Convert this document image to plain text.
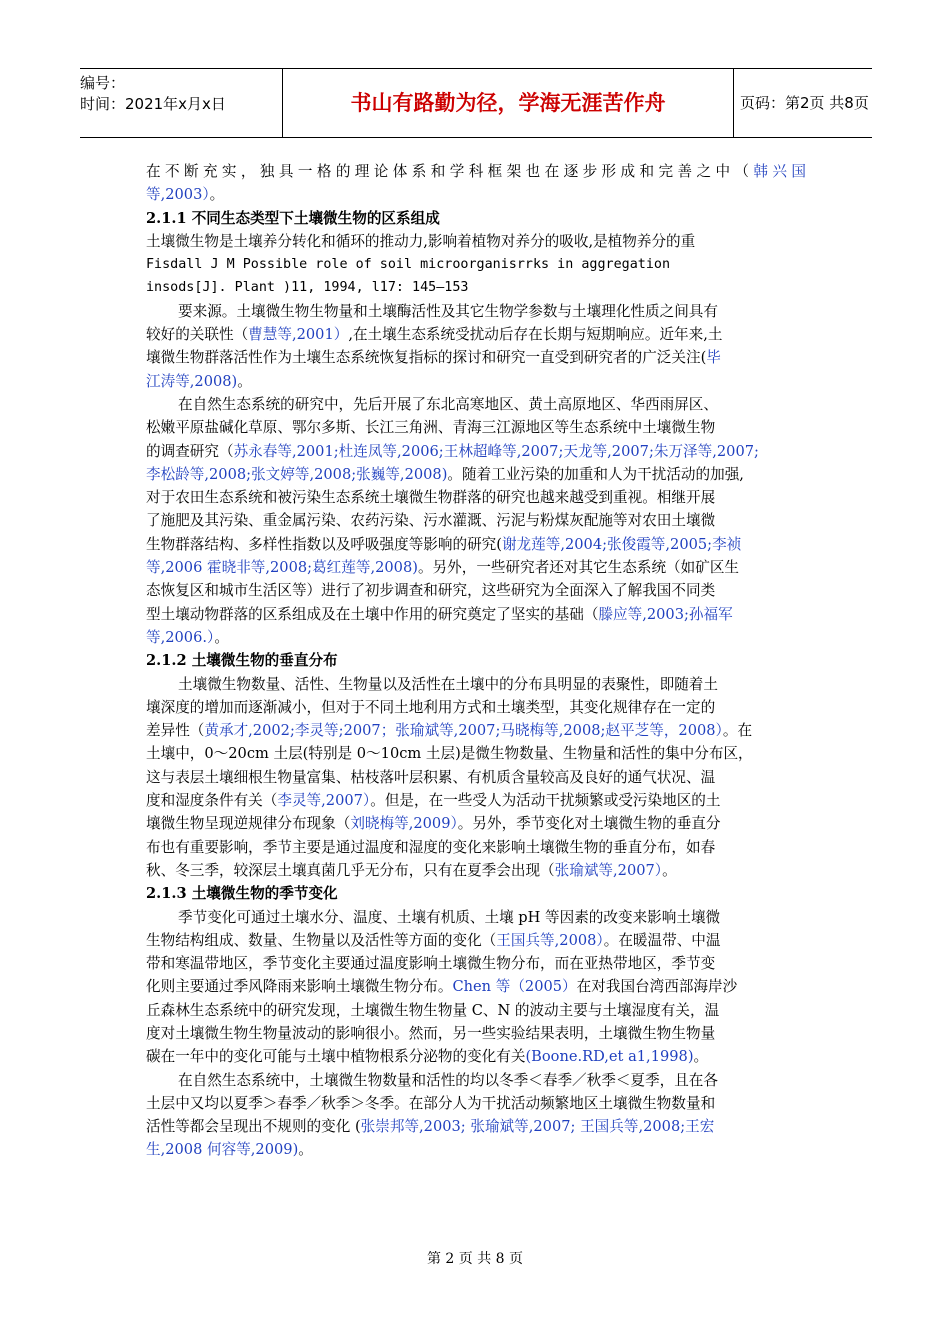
编号：
时间：2021年x月x日	书山有路勤为径，学海无涯苦作舟	页码：第2页 共8页
在不断充实，独具一格的理论体系和学科框架也在逐步形成和完善之中（韩兴国
等,2003）。
2.1.1 不同生态类型下土壤微生物的区系组成
土壤微生物是土壤养分转化和循环的推动力,影响着植物对养分的吸收,是植物养分的重
Fisdall J M Possible role of soil microorganisrrks in aggregation
insods[J]. Plant )11, 1994, l17: 145—153
要来源。土壤微生物生物量和土壤酶活性及其它生物学参数与土壤理化性质之间具有
较好的关联性（曹慧等,2001）,在土壤生态系统受扰动后存在长期与短期响应。近年来,土
壤微生物群落活性作为土壤生态系统恢复指标的探讨和研究一直受到研究者的广泛关注(毕
江涛等,2008)。
在自然生态系统的研究中，先后开展了东北高寒地区、黄土高原地区、华西雨屏区、
松嫩平原盐碱化草原、鄂尔多斯、长江三角洲、青海三江源地区等生态系统中土壤微生物
的调查研究（苏永春等,2001;杜连凤等,2006;王林超峰等,2007;天龙等,2007;朱万泽等,2007;
李松龄等,2008;张文婷等,2008;张巍等,2008)。随着工业污染的加重和人为干扰活动的加强,
对于农田生态系统和被污染生态系统土壤微生物群落的研究也越来越受到重视。相继开展
了施肥及其污染、重金属污染、农药污染、污水灌溉、污泥与粉煤灰配施等对农田土壤微
生物群落结构、多样性指数以及呼吸强度等影响的研究(谢龙莲等,2004;张俊霞等,2005;李祯
等,2006 霍晓非等,2008;葛红莲等,2008)。另外，一些研究者还对其它生态系统（如矿区生
态恢复区和城市生活区等）进行了初步调查和研究，这些研究为全面深入了解我国不同类
型土壤动物群落的区系组成及在土壤中作用的研究奠定了坚实的基础（滕应等,2003;孙福军
等,2006.）。
2.1.2 土壤微生物的垂直分布
土壤微生物数量、活性、生物量以及活性在土壤中的分布具明显的表聚性，即随着土
壤深度的增加而逐渐减小，但对于不同土地利用方式和土壤类型，其变化规律存在一定的
差异性（黄承才,2002;李灵等;2007；张瑜斌等,2007;马晓梅等,2008;赵平芝等，2008）。在
土壤中，0～20cm 土层(特别是 0～10cm 土层)是微生物数量、生物量和活性的集中分布区，
这与表层土壤细根生物量富集、枯枝落叶层积累、有机质含量较高及良好的通气状况、温
度和湿度条件有关（李灵等,2007）。但是，在一些受人为活动干扰频繁或受污染地区的土
壤微生物呈现逆规律分布现象（刘晓梅等,2009）。另外，季节变化对土壤微生物的垂直分
布也有重要影响，季节主要是通过温度和湿度的变化来影响土壤微生物的垂直分布，如春
秋、冬三季，较深层土壤真菌几乎无分布，只有在夏季会出现（张瑜斌等,2007）。
2.1.3 土壤微生物的季节变化
季节变化可通过土壤水分、温度、土壤有机质、土壤 pH 等因素的改变来影响土壤微
生物结构组成、数量、生物量以及活性等方面的变化（王国兵等,2008）。在暖温带、中温
带和寒温带地区，季节变化主要通过温度影响土壤微生物分布，而在亚热带地区，季节变
化则主要通过季风降雨来影响土壤微生物分布。Chen 等（2005）在对我国台湾西部海岸沙
丘森林生态系统中的研究发现，土壤微生物生物量 C、N 的波动主要与土壤湿度有关，温
度对土壤微生物生物量波动的影响很小。然而，另一些实验结果表明，土壤微生物生物量
碳在一年中的变化可能与土壤中植物根系分泌物的变化有关(Boone.RD,et a1,1998)。
在自然生态系统中，土壤微生物数量和活性的均以冬季＜春季／秋季＜夏季，且在各
土层中又均以夏季＞春季／秋季＞冬季。在部分人为干扰活动频繁地区土壤微生物数量和
活性等都会呈现出不规则的变化 (张崇邦等,2003; 张瑜斌等,2007; 王国兵等,2008;王宏
生,2008 何容等,2009)。
第 2 页 共 8 页
